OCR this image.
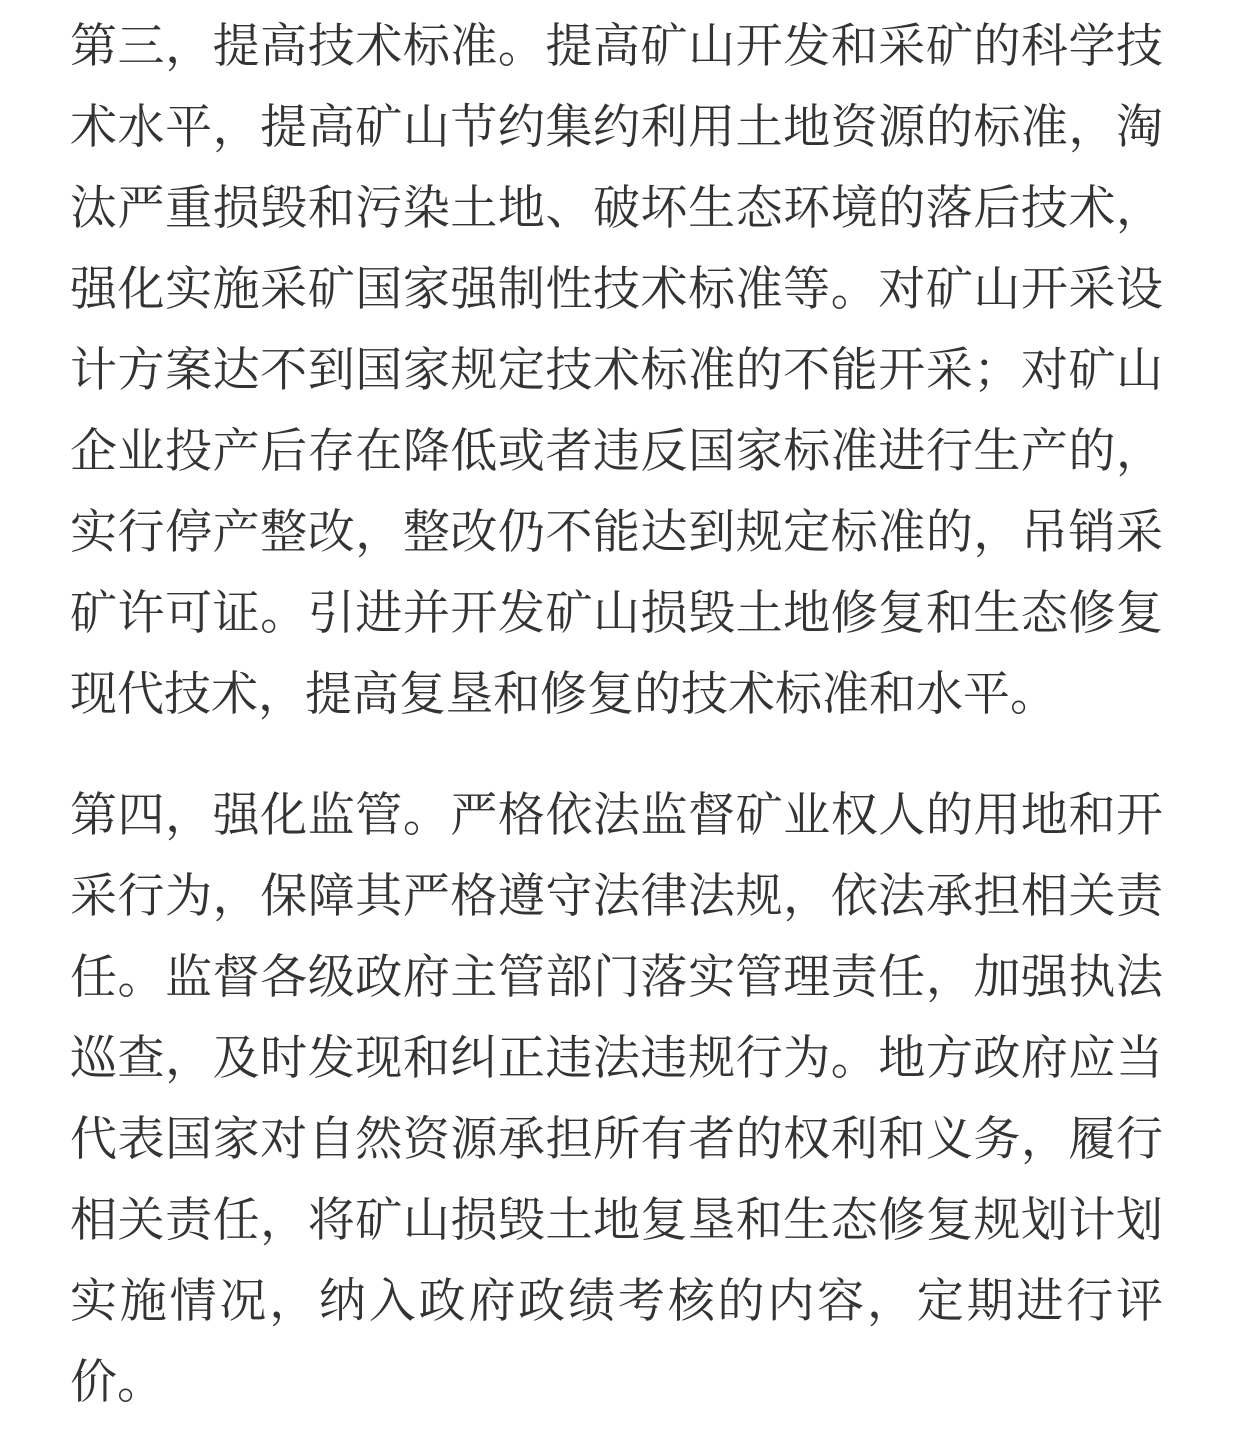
第三，提高技术标准。提高矿山开发和采矿的科学技
术水平，提高矿山节约集约利用土地资源的标准，淘
汰严重损毁和污染土地、破坏生态环境的落后技术，
强化实施采矿国家强制性技术标准等。对矿山开采设
计方案达不到国家规定技术标准的不能开采；对矿山
企业投产后存在降低或者违反国家标准进行生产的，
实行停产整改，整改仍不能达到规定标准的，吊销采
矿许可证。引进并开发矿山损毁土地修复和生态修复
现代技术，提高复垦和修复的技术标准和水平。

第四，强化监管。严格依法监督矿业权人的用地和开
采行为，保障其严格遵守法律法规，依法承担相关责
任。监督各级政府主管部门落实管理责任，加强执法
巡查，及时发现和纠正违法违规行为。地方政府应当
代表国家对自然资源承担所有者的权利和义务，履行
相关责任，将矿山损毁土地复垦和生态修复规划计划
实施情况，纳入政府政绩考核的内容，定期进行评
价。
